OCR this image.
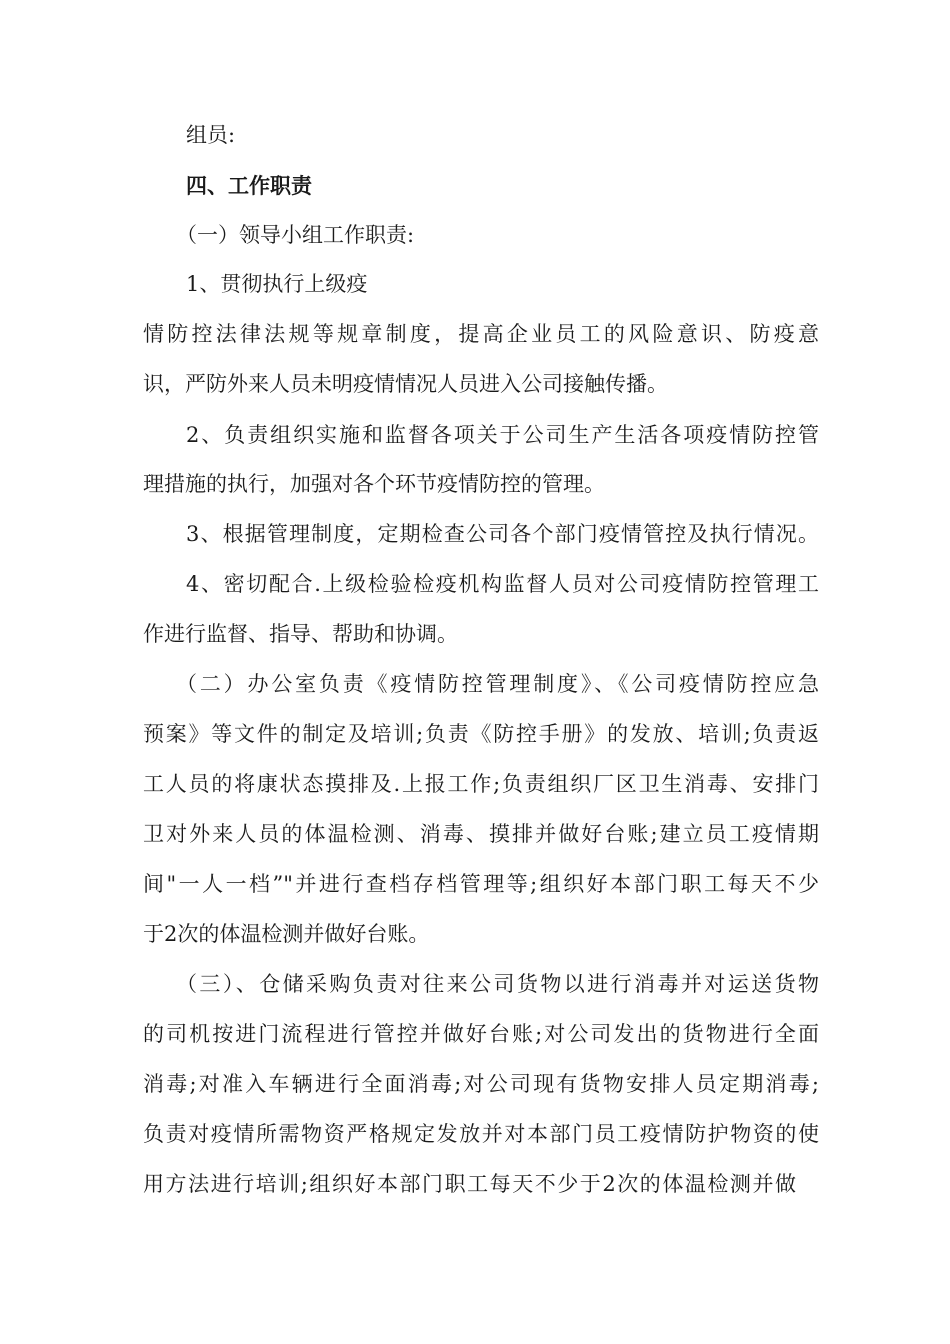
组员:
四、工作职责
（一）领导小组工作职责:
1、贯彻执行上级疫
情防控法律法规等规章制度，提高企业员工的风险意识、防疫意
识，严防外来人员未明疫情情况人员进入公司接触传播。
2、负责组织实施和监督各项关于公司生产生活各项疫情防控管
理措施的执行，加强对各个环节疫情防控的管理。
3、根据管理制度，定期检查公司各个部门疫情管控及执行情况。
4、密切配合.上级检验检疫机构监督人员对公司疫情防控管理工
作进行监督、指导、帮助和协调。
（二）办公室负责《疫情防控管理制度》、《公司疫情防控应急
预案》等文件的制定及培训;负责《防控手册》的发放、培训;负责返
工人员的将康状态摸排及.上报工作;负责组织厂区卫生消毒、安排门
卫对外来人员的体温检测、消毒、摸排并做好台账;建立员工疫情期
间"一人一档”"并进行查档存档管理等;组织好本部门职工每天不少
于2次的体温检测并做好台账。
（三）、仓储采购负责对往来公司货物以进行消毒并对运送货物
的司机按进门流程进行管控并做好台账;对公司发出的货物进行全面
消毒;对准入车辆进行全面消毒;对公司现有货物安排人员定期消毒;
负责对疫情所需物资严格规定发放并对本部门员工疫情防护物资的使
用方法进行培训;组织好本部门职工每天不少于2次的体温检测并做
